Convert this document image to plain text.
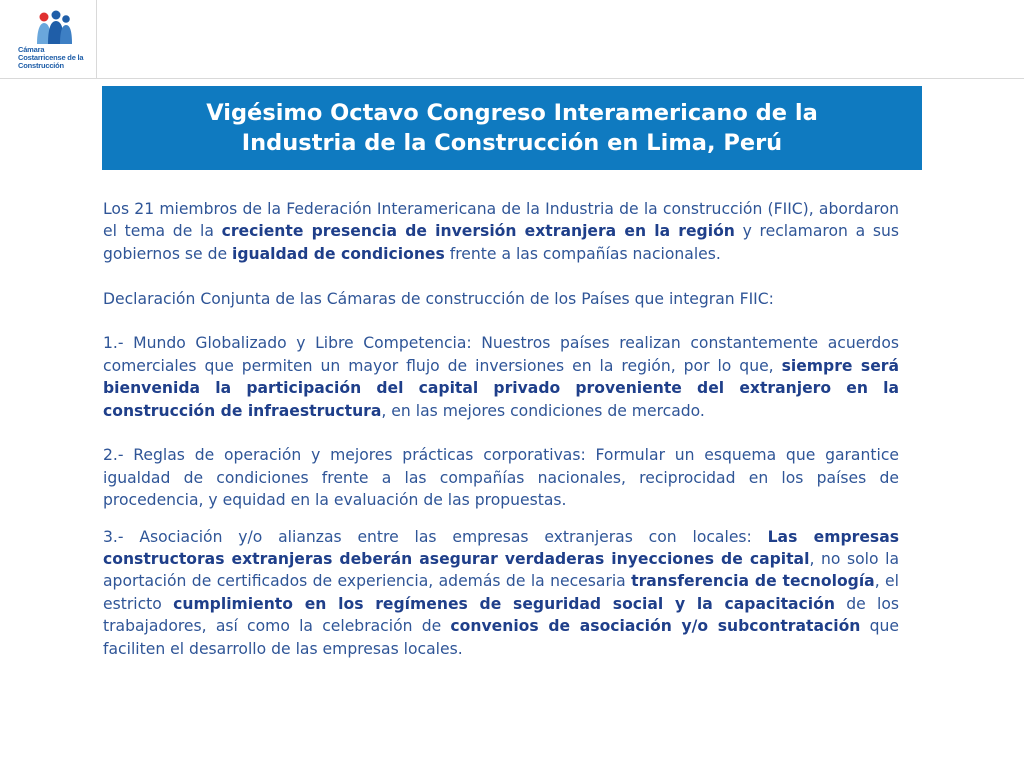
Cámara
Costarricense de la
Construcción
Vigésimo Octavo Congreso Interamericano de la
Industria de la Construcción en Lima, Perú

Los 21 miembros de la Federación Interamericana de la Industria de la construcción (FIIC), abordaron el tema de la creciente presencia de inversión extranjera en la región y reclamaron a sus gobiernos se de igualdad de condiciones frente a las compañías nacionales.

Declaración Conjunta de las Cámaras de construcción de los Países que integran FIIC:

1.- Mundo Globalizado y Libre Competencia: Nuestros países realizan constantemente acuerdos comerciales que permiten un mayor flujo de inversiones en la región, por lo que, siempre será bienvenida la participación del capital privado proveniente del extranjero en la construcción de infraestructura, en las mejores condiciones de mercado.

2.- Reglas de operación y mejores prácticas corporativas: Formular un esquema que garantice igualdad de condiciones frente a las compañías nacionales, reciprocidad en los países de procedencia, y equidad en la evaluación de las propuestas.

3.- Asociación y/o alianzas entre las empresas extranjeras con locales: Las empresas constructoras extranjeras deberán asegurar verdaderas inyecciones de capital, no solo la aportación de certificados de experiencia, además de la necesaria transferencia de tecnología, el estricto cumplimiento en los regímenes de seguridad social y la capacitación de los trabajadores, así como la celebración de convenios de asociación y/o subcontratación que faciliten el desarrollo de las empresas locales.
